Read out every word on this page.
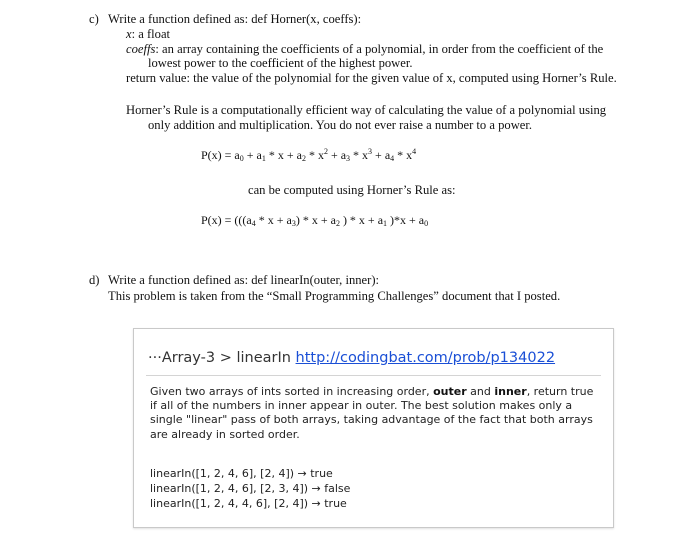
c) Write a function defined as: def Horner(x, coeffs):
x: a float
coeffs: an array containing the coefficients of a polynomial, in order from the coefficient of the
lowest power to the coefficient of the highest power.
return value: the value of the polynomial for the given value of x, computed using Horner’s Rule.
Horner’s Rule is a computationally efficient way of calculating the value of a polynomial using
only addition and multiplication. You do not ever raise a number to a power.
$P(x) = a_0 + a_1 * x + a_2 * x^2 + a_3 * x^3 + a_4 * x^4$
can be computed using Horner’s Rule as:
$P(x) = (((a_4 * x + a_3) * x + a_2$ ) * $x + a_1$ )$*x + a_0$
d) Write a function defined as: def linearIn(outer, inner):
This problem is taken from the “Small Programming Challenges” document that I posted.
···Array-3 > linearIn http://codingbat.com/prob/p134022
Given two arrays of ints sorted in increasing order, outer and inner, return true if all of the numbers in inner appear in outer. The best solution makes only a single "linear" pass of both arrays, taking advantage of the fact that both arrays are already in sorted order.
linearIn([1, 2, 4, 6], [2, 4]) → true
linearIn([1, 2, 4, 6], [2, 3, 4]) → false
linearIn([1, 2, 4, 4, 6], [2, 4]) → true
